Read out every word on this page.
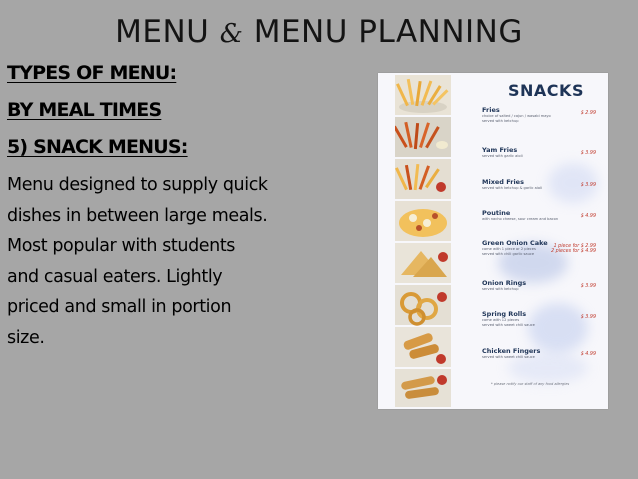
MENU & MENU PLANNING

TYPES OF MENU:

BY MEAL TIMES

5) SNACK MENUS:

Menu designed to supply quick
dishes in between large meals.
Most popular with students
and casual eaters. Lightly
priced and small in portion
size.
SNACKS
Fries
choice of salted / cajun / wasabi mayo
served with ketchup
$ 2.99
Yam Fries
served with garlic aioli	$ 3.99
Mixed Fries
served with ketchup & garlic aioli	$ 3.99
Poutine
with nacho cheese, sour cream and bacon	$ 4.99
Green Onion Cake
come with 1 piece or 2 pieces
served with chili garlic sauce
1 piece for $ 2.99
2 pieces for $ 4.99
Onion Rings
served with ketchup	$ 3.99
Spring Rolls
come with 12 pieces
served with sweet chili sauce
$ 3.99
Chicken Fingers
served with sweet chili sauce	$ 4.99
* please notify our staff of any food allergies
